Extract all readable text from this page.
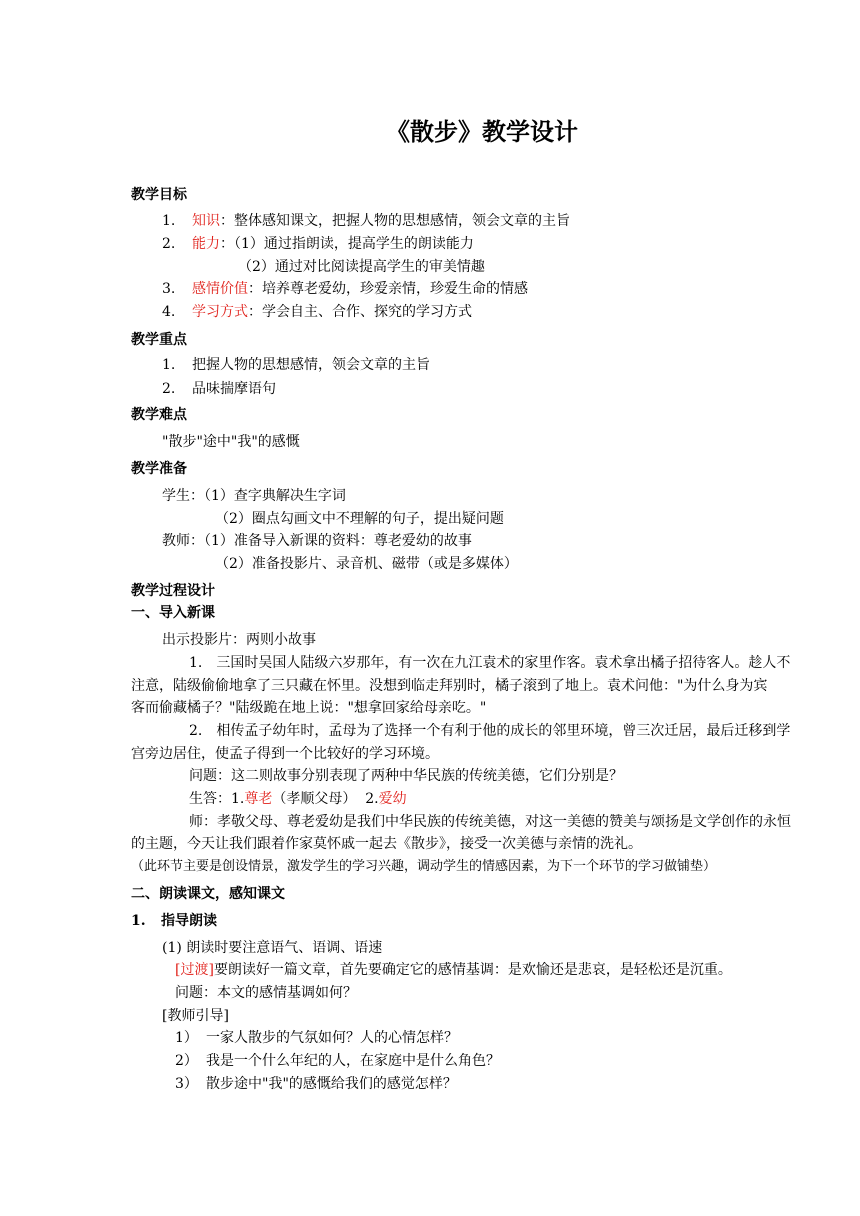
《散步》教学设计
教学目标
1. 知识：整体感知课文，把握人物的思想感情，领会文章的主旨
2. 能力：（1）通过指朗读，提高学生的朗读能力
（2）通过对比阅读提高学生的审美情趣
3. 感情价值：培养尊老爱幼，珍爱亲情，珍爱生命的情感
4. 学习方式：学会自主、合作、探究的学习方式
教学重点
1. 把握人物的思想感情，领会文章的主旨
2. 品味揣摩语句
教学难点
"散步"途中"我"的感慨
教学准备
学生：（1）查字典解决生字词
（2）圈点勾画文中不理解的句子，提出疑问题
教师：（1）准备导入新课的资料：尊老爱幼的故事
（2）准备投影片、录音机、磁带（或是多媒体）
教学过程设计
一、导入新课
出示投影片：两则小故事
1.　三国时吴国人陆级六岁那年，有一次在九江袁术的家里作客。袁术拿出橘子招待客人。趁人不
注意，陆级偷偷地拿了三只藏在怀里。没想到临走拜别时，橘子滚到了地上。袁术问他："为什么身为宾
客而偷藏橘子？"陆级跪在地上说："想拿回家给母亲吃。"
2.　相传孟子幼年时，孟母为了选择一个有利于他的成长的邻里环境，曾三次迁居，最后迁移到学
宫旁边居住，使孟子得到一个比较好的学习环境。
问题：这二则故事分别表现了两种中华民族的传统美德，它们分别是？
生答：1.尊老（孝顺父母）  2.爱幼
师：孝敬父母、尊老爱幼是我们中华民族的传统美德，对这一美德的赞美与颂扬是文学创作的永恒
的主题，今天让我们跟着作家莫怀戚一起去《散步》，接受一次美德与亲情的洗礼。
（此环节主要是创设情景，激发学生的学习兴趣，调动学生的情感因素，为下一个环节的学习做铺垫）
二、朗读课文，感知课文
1. 指导朗读
(1) 朗读时要注意语气、语调、语速
[过渡]要朗读好一篇文章，首先要确定它的感情基调：是欢愉还是悲哀，是轻松还是沉重。
问题：本文的感情基调如何？
[教师引导]
1） 一家人散步的气氛如何？人的心情怎样？
2） 我是一个什么年纪的人，在家庭中是什么角色？
3） 散步途中"我"的感慨给我们的感觉怎样？
